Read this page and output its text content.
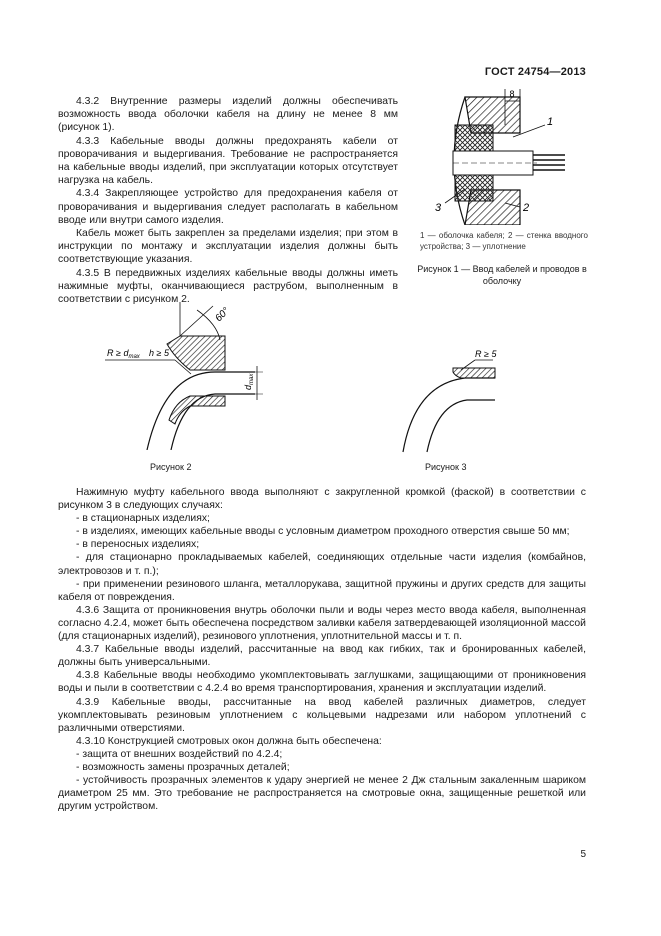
ГОСТ 24754—2013

4.3.2 Внутренние размеры изделий должны обеспечивать возможность ввода оболочки кабеля на длину не менее 8 мм (рисунок 1).

4.3.3 Кабельные вводы должны предохранять кабели от проворачивания и выдергивания. Требование не распространяется на кабельные вводы изделий, при эксплуатации которых отсутствует нагрузка на кабель.

4.3.4 Закрепляющее устройство для предохранения кабеля от проворачивания и выдергивания следует располагать в кабельном вводе или внутри самого изделия.

Кабель может быть закреплен за пределами изделия; при этом в инструкции по монтажу и эксплуатации изделия должны быть соответствующие указания.

4.3.5 В передвижных изделиях кабельные вводы должны иметь нажимные муфты, оканчивающиеся раструбом, выполненным в соответствии с рисунком 2.

8
1
2
3
1 — оболочка кабеля; 2 — стенка вводного устройства; 3 — уплотнение
Рисунок 1 — Ввод кабелей и проводов в оболочку
60°
$R \ge d_{max}$ h ≥ 5
$d_{max}$
Рисунок 2
R ≥ 5
Рисунок 3

Нажимную муфту кабельного ввода выполняют с закругленной кромкой (фаской) в соответствии с рисунком 3 в следующих случаях:

- в стационарных изделиях;

- в изделиях, имеющих кабельные вводы с условным диаметром проходного отверстия свыше 50 мм;

- в переносных изделиях;

- для стационарно прокладываемых кабелей, соединяющих отдельные части изделия (комбайнов, электровозов и т. п.);

- при применении резинового шланга, металлорукава, защитной пружины и других средств для защиты кабеля от повреждения.

4.3.6 Защита от проникновения внутрь оболочки пыли и воды через место ввода кабеля, выполненная согласно 4.2.4, может быть обеспечена посредством заливки кабеля затвердевающей изоляционной массой (для стационарных изделий), резинового уплотнения, уплотнительной массы и т. п.

4.3.7 Кабельные вводы изделий, рассчитанные на ввод как гибких, так и бронированных кабелей, должны быть универсальными.

4.3.8 Кабельные вводы необходимо укомплектовывать заглушками, защищающими от проникновения воды и пыли в соответствии с 4.2.4 во время транспортирования, хранения и эксплуатации изделий.

4.3.9 Кабельные вводы, рассчитанные на ввод кабелей различных диаметров, следует укомплектовывать резиновым уплотнением с кольцевыми надрезами или набором уплотнений с различными отверстиями.

4.3.10 Конструкцией смотровых окон должна быть обеспечена:

- защита от внешних воздействий по 4.2.4;

- возможность замены прозрачных деталей;

- устойчивость прозрачных элементов к удару энергией не менее 2 Дж стальным закаленным шариком диаметром 25 мм. Это требование не распространяется на смотровые окна, защищенные решеткой или другим устройством.

5
